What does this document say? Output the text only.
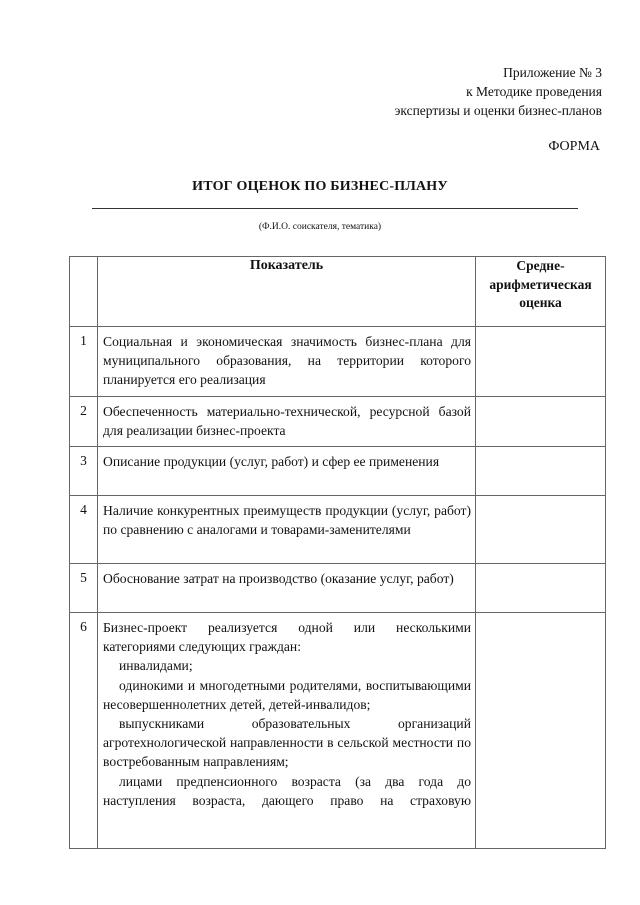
Приложение № 3
к Методике проведения
экспертизы и оценки бизнес-планов
ФОРМА
ИТОГ ОЦЕНОК ПО БИЗНЕС-ПЛАНУ
(Ф.И.О. соискателя, тематика)
	Показатель	Средне-
арифметическая
оценка

1	Социальная и экономическая значимость бизнес-плана для муниципального образования, на территории которого планируется его реализация	
2	Обеспеченность материально-технической, ресурсной базой для реализации бизнес-проекта	
3	Описание продукции (услуг, работ) и сфер ее применения	
4	Наличие конкурентных преимуществ продукции (услуг, работ) по сравнению с аналогами и товарами-заменителями	
5	Обоснование затрат на производство (оказание услуг, работ)	
6	Бизнес-проект реализуется одной или несколькими категориями следующих граждан:
инвалидами;
одинокими и многодетными родителями, воспитывающими несовершеннолетних детей, детей-инвалидов;
выпускниками образовательных организаций агротехнологической направленности в сельской местности по востребованным направлениям;
лицами предпенсионного возраста (за два года до наступления возраста, дающего право на страховую	
